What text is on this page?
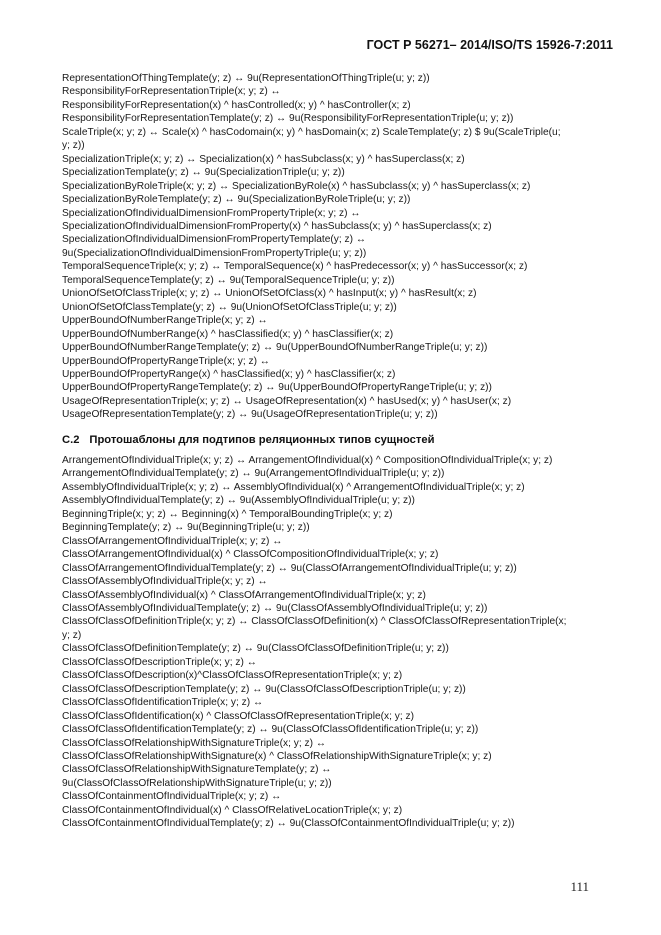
ГОСТ Р 56271– 2014/ISO/TS 15926-7:2011
RepresentationOfThingTemplate(y; z) ↔ 9u(RepresentationOfThingTriple(u; y; z))
ResponsibilityForRepresentationTriple(x; y; z) ↔
ResponsibilityForRepresentation(x) ^ hasControlled(x; y) ^ hasController(x; z)
ResponsibilityForRepresentationTemplate(y; z) ↔ 9u(ResponsibilityForRepresentationTriple(u; y; z))
ScaleTriple(x; y; z) ↔ Scale(x) ^ hasCodomain(x; y) ^ hasDomain(x; z) ScaleTemplate(y; z) $ 9u(ScaleTriple(u;
y; z))
SpecializationTriple(x; y; z) ↔ Specialization(x) ^ hasSubclass(x; y) ^ hasSuperclass(x; z)
SpecializationTemplate(y; z) ↔ 9u(SpecializationTriple(u; y; z))
SpecializationByRoleTriple(x; y; z) ↔ SpecializationByRole(x) ^ hasSubclass(x; y) ^ hasSuperclass(x; z)
SpecializationByRoleTemplate(y; z) ↔ 9u(SpecializationByRoleTriple(u; y; z))
SpecializationOfIndividualDimensionFromPropertyTriple(x; y; z) ↔
SpecializationOfIndividualDimensionFromProperty(x) ^ hasSubclass(x; y) ^ hasSuperclass(x; z)
SpecializationOfIndividualDimensionFromPropertyTemplate(y; z) ↔
9u(SpecializationOfIndividualDimensionFromPropertyTriple(u; y; z))
TemporalSequenceTriple(x; y; z) ↔ TemporalSequence(x) ^ hasPredecessor(x; y) ^ hasSuccessor(x; z)
TemporalSequenceTemplate(y; z) ↔ 9u(TemporalSequenceTriple(u; y; z))
UnionOfSetOfClassTriple(x; y; z) ↔ UnionOfSetOfClass(x) ^ hasInput(x; y) ^ hasResult(x; z)
UnionOfSetOfClassTemplate(y; z) ↔ 9u(UnionOfSetOfClassTriple(u; y; z))
UpperBoundOfNumberRangeTriple(x; y; z) ↔
UpperBoundOfNumberRange(x) ^ hasClassified(x; y) ^ hasClassifier(x; z)
UpperBoundOfNumberRangeTemplate(y; z) ↔ 9u(UpperBoundOfNumberRangeTriple(u; y; z))
UpperBoundOfPropertyRangeTriple(x; y; z) ↔
UpperBoundOfPropertyRange(x) ^ hasClassified(x; y) ^ hasClassifier(x; z)
UpperBoundOfPropertyRangeTemplate(y; z) ↔ 9u(UpperBoundOfPropertyRangeTriple(u; y; z))
UsageOfRepresentationTriple(x; y; z) ↔ UsageOfRepresentation(x) ^ hasUsed(x; y) ^ hasUser(x; z)
UsageOfRepresentationTemplate(y; z) ↔ 9u(UsageOfRepresentationTriple(u; y; z))
C.2 Протошаблоны для подтипов реляционных типов сущностей
ArrangementOfIndividualTriple(x; y; z) ↔ ArrangementOfIndividual(x) ^ CompositionOfIndividualTriple(x; y; z)
ArrangementOfIndividualTemplate(y; z) ↔ 9u(ArrangementOfIndividualTriple(u; y; z))
AssemblyOfIndividualTriple(x; y; z) ↔ AssemblyOfIndividual(x) ^ ArrangementOfIndividualTriple(x; y; z)
AssemblyOfIndividualTemplate(y; z) ↔ 9u(AssemblyOfIndividualTriple(u; y; z))
BeginningTriple(x; y; z) ↔ Beginning(x) ^ TemporalBoundingTriple(x; y; z)
BeginningTemplate(y; z) ↔ 9u(BeginningTriple(u; y; z))
ClassOfArrangementOfIndividualTriple(x; y; z) ↔
ClassOfArrangementOfIndividual(x) ^ ClassOfCompositionOfIndividualTriple(x; y; z)
ClassOfArrangementOfIndividualTemplate(y; z) ↔ 9u(ClassOfArrangementOfIndividualTriple(u; y; z))
ClassOfAssemblyOfIndividualTriple(x; y; z) ↔
ClassOfAssemblyOfIndividual(x) ^ ClassOfArrangementOfIndividualTriple(x; y; z)
ClassOfAssemblyOfIndividualTemplate(y; z) ↔ 9u(ClassOfAssemblyOfIndividualTriple(u; y; z))
ClassOfClassOfDefinitionTriple(x; y; z) ↔ ClassOfClassOfDefinition(x) ^ ClassOfClassOfRepresentationTriple(x;
y; z)
ClassOfClassOfDefinitionTemplate(y; z) ↔ 9u(ClassOfClassOfDefinitionTriple(u; y; z))
ClassOfClassOfDescriptionTriple(x; y; z) ↔
ClassOfClassOfDescription(x)^ClassOfClassOfRepresentationTriple(x; y; z)
ClassOfClassOfDescriptionTemplate(y; z) ↔ 9u(ClassOfClassOfDescriptionTriple(u; y; z))
ClassOfClassOfIdentificationTriple(x; y; z) ↔
ClassOfClassOfIdentification(x) ^ ClassOfClassOfRepresentationTriple(x; y; z)
ClassOfClassOfIdentificationTemplate(y; z) ↔ 9u(ClassOfClassOfIdentificationTriple(u; y; z))
ClassOfClassOfRelationshipWithSignatureTriple(x; y; z) ↔
ClassOfClassOfRelationshipWithSignature(x) ^ ClassOfRelationshipWithSignatureTriple(x; y; z)
ClassOfClassOfRelationshipWithSignatureTemplate(y; z) ↔
9u(ClassOfClassOfRelationshipWithSignatureTriple(u; y; z))
ClassOfContainmentOfIndividualTriple(x; y; z) ↔
ClassOfContainmentOfIndividual(x) ^ ClassOfRelativeLocationTriple(x; y; z)
ClassOfContainmentOfIndividualTemplate(y; z) ↔ 9u(ClassOfContainmentOfIndividualTriple(u; y; z))
111
